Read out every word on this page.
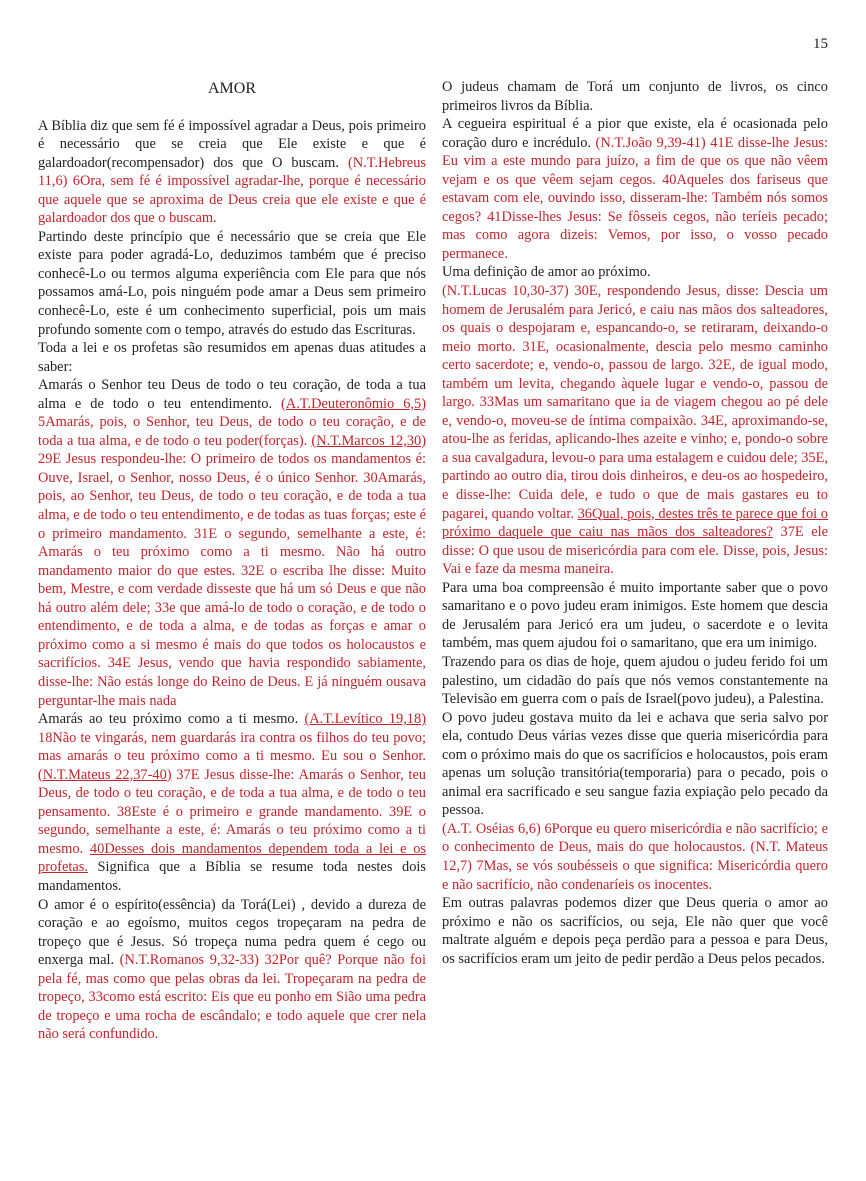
15
AMOR

A Bíblia diz que sem fé é impossível agradar a Deus, pois primeiro é necessário que se creia que Ele existe e que é galardoador(recompensador) dos que O buscam. (N.T.Hebreus 11,6) 6Ora, sem fé é impossível agradar-lhe, porque é necessário que aquele que se aproxima de Deus creia que ele existe e que é galardoador dos que o buscam.

Partindo deste princípio que é necessário que se creia que Ele existe para poder agradá-Lo, deduzimos também que é preciso conhecê-Lo ou termos alguma experiência com Ele para que nós possamos amá-Lo, pois ninguém pode amar a Deus sem primeiro conhecê-Lo, este é um conhecimento superficial, pois um mais profundo somente com o tempo, através do estudo das Escrituras.

Toda a lei e os profetas são resumidos em apenas duas atitudes a saber:

Amarás o Senhor teu Deus de todo o teu coração, de toda a tua alma e de todo o teu entendimento. (A.T.Deuteronômio 6,5) 5Amarás, pois, o Senhor, teu Deus, de todo o teu coração, e de toda a tua alma, e de todo o teu poder(forças). (N.T.Marcos 12,30) 29E Jesus respondeu-lhe: O primeiro de todos os mandamentos é: Ouve, Israel, o Senhor, nosso Deus, é o único Senhor. 30Amarás, pois, ao Senhor, teu Deus, de todo o teu coração, e de toda a tua alma, e de todo o teu entendimento, e de todas as tuas forças; este é o primeiro mandamento. 31E o segundo, semelhante a este, é: Amarás o teu próximo como a ti mesmo. Não há outro mandamento maior do que estes. 32E o escriba lhe disse: Muito bem, Mestre, e com verdade disseste que há um só Deus e que não há outro além dele; 33e que amá-lo de todo o coração, e de todo o entendimento, e de toda a alma, e de todas as forças e amar o próximo como a si mesmo é mais do que todos os holocaustos e sacrifícios. 34E Jesus, vendo que havia respondido sabiamente, disse-lhe: Não estás longe do Reino de Deus. E já ninguém ousava perguntar-lhe mais nada

Amarás ao teu próximo como a ti mesmo. (A.T.Levítico 19,18) 18Não te vingarás, nem guardarás ira contra os filhos do teu povo; mas amarás o teu próximo como a ti mesmo. Eu sou o Senhor. (N.T.Mateus 22,37-40) 37E Jesus disse-lhe: Amarás o Senhor, teu Deus, de todo o teu coração, e de toda a tua alma, e de todo o teu pensamento. 38Este é o primeiro e grande mandamento. 39E o segundo, semelhante a este, é: Amarás o teu próximo como a ti mesmo. 40Desses dois mandamentos dependem toda a lei e os profetas. Significa que a Bíblia se resume toda nestes dois mandamentos.

O amor é o espírito(essência) da Torá(Lei) , devido a dureza de coração e ao egoísmo, muitos cegos tropeçaram na pedra de tropeço que é Jesus. Só tropeça numa pedra quem é cego ou enxerga mal. (N.T.Romanos 9,32-33) 32Por quê? Porque não foi pela fé, mas como que pelas obras da lei. Tropeçaram na pedra de tropeço, 33como está escrito: Eis que eu ponho em Sião uma pedra de tropeço e uma rocha de escândalo; e todo aquele que crer nela não será confundido.

O judeus chamam de Torá um conjunto de livros, os cinco primeiros livros da Bíblia.

A cegueira espiritual é a pior que existe, ela é ocasionada pelo coração duro e incrédulo. (N.T.João 9,39-41) 41E disse-lhe Jesus: Eu vim a este mundo para juízo, a fim de que os que não vêem vejam e os que vêem sejam cegos. 40Aqueles dos fariseus que estavam com ele, ouvindo isso, disseram-lhe: Também nós somos cegos? 41Disse-lhes Jesus: Se fôsseis cegos, não teríeis pecado; mas como agora dizeis: Vemos, por isso, o vosso pecado permanece.

Uma definição de amor ao próximo.

(N.T.Lucas 10,30-37) 30E, respondendo Jesus, disse: Descia um homem de Jerusalém para Jericó, e caiu nas mãos dos salteadores, os quais o despojaram e, espancando-o, se retiraram, deixando-o meio morto. 31E, ocasionalmente, descia pelo mesmo caminho certo sacerdote; e, vendo-o, passou de largo. 32E, de igual modo, também um levita, chegando àquele lugar e vendo-o, passou de largo. 33Mas um samaritano que ia de viagem chegou ao pé dele e, vendo-o, moveu-se de íntima compaixão. 34E, aproximando-se, atou-lhe as feridas, aplicando-lhes azeite e vinho; e, pondo-o sobre a sua cavalgadura, levou-o para uma estalagem e cuidou dele; 35E, partindo ao outro dia, tirou dois dinheiros, e deu-os ao hospedeiro, e disse-lhe: Cuida dele, e tudo o que de mais gastares eu to pagarei, quando voltar. 36Qual, pois, destes três te parece que foi o próximo daquele que caiu nas mãos dos salteadores? 37E ele disse: O que usou de misericórdia para com ele. Disse, pois, Jesus: Vai e faze da mesma maneira.

Para uma boa compreensão é muito importante saber que o povo samaritano e o povo judeu eram inimigos. Este homem que descia de Jerusalém para Jericó era um judeu, o sacerdote e o levita também, mas quem ajudou foi o samaritano, que era um inimigo.

Trazendo para os dias de hoje, quem ajudou o judeu ferido foi um palestino, um cidadão do país que nós vemos constantemente na Televisão em guerra com o país de Israel(povo judeu), a Palestina.

O povo judeu gostava muito da lei e achava que seria salvo por ela, contudo Deus várias vezes disse que queria misericórdia para com o próximo mais do que os sacrifícios e holocaustos, pois eram apenas um solução transitória(temporaria) para o pecado, pois o animal era sacrificado e seu sangue fazia expiação pelo pecado da pessoa.

(A.T. Oséias 6,6) 6Porque eu quero misericórdia e não sacrifício; e o conhecimento de Deus, mais do que holocaustos. (N.T. Mateus 12,7) 7Mas, se vós soubésseis o que significa: Misericórdia quero e não sacrifício, não condenaríeis os inocentes.

Em outras palavras podemos dizer que Deus queria o amor ao próximo e não os sacrifícios, ou seja, Ele não quer que você maltrate alguém e depois peça perdão para a pessoa e para Deus, os sacrifícios eram um jeito de pedir perdão a Deus pelos pecados.
